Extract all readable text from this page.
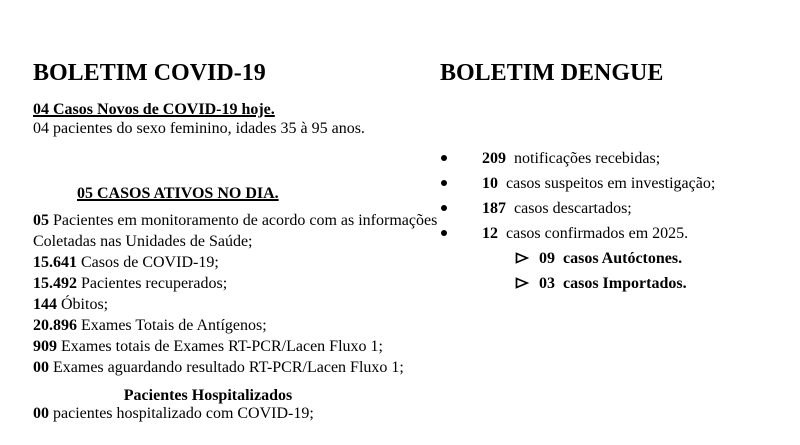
BOLETIM COVID-19

04 Casos Novos de COVID-19 hoje.

04 pacientes do sexo feminino, idades 35 à 95 anos.

05 CASOS ATIVOS NO DIA.

05 Pacientes em monitoramento de acordo com as informações Coletadas nas Unidades de Saúde;

15.641 Casos de COVID-19;

15.492 Pacientes recuperados;

144 Óbitos;

20.896 Exames Totais de Antígenos;

909 Exames totais de Exames RT-PCR/Lacen Fluxo 1;

00 Exames aguardando resultado RT-PCR/Lacen Fluxo 1;

Pacientes Hospitalizados

00 pacientes hospitalizado com COVID-19;

BOLETIM DENGUE

209 notificações recebidas;

10 casos suspeitos em investigação;

187 casos descartados;

12 casos confirmados em 2025.

09 casos Autóctones.

03 casos Importados.
